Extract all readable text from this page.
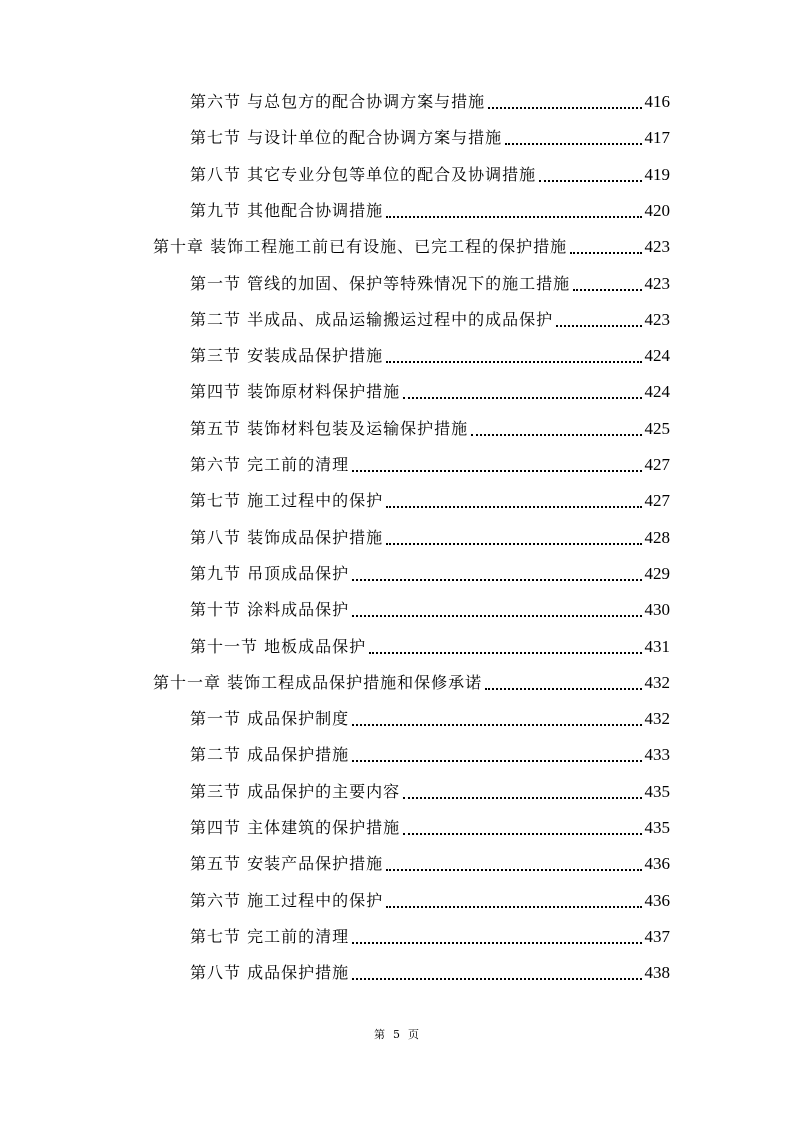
第六节 与总包方的配合协调方案与措施	416
第七节 与设计单位的配合协调方案与措施	417
第八节 其它专业分包等单位的配合及协调措施	419
第九节 其他配合协调措施	420
第十章 装饰工程施工前已有设施、已完工程的保护措施	423
第一节 管线的加固、保护等特殊情况下的施工措施	423
第二节 半成品、成品运输搬运过程中的成品保护	423
第三节 安装成品保护措施	424
第四节 装饰原材料保护措施	424
第五节 装饰材料包装及运输保护措施	425
第六节 完工前的清理	427
第七节 施工过程中的保护	427
第八节 装饰成品保护措施	428
第九节 吊顶成品保护	429
第十节 涂料成品保护	430
第十一节 地板成品保护	431
第十一章 装饰工程成品保护措施和保修承诺	432
第一节 成品保护制度	432
第二节 成品保护措施	433
第三节 成品保护的主要内容	435
第四节 主体建筑的保护措施	435
第五节 安装产品保护措施	436
第六节 施工过程中的保护	436
第七节 完工前的清理	437
第八节 成品保护措施	438
第 5 页
